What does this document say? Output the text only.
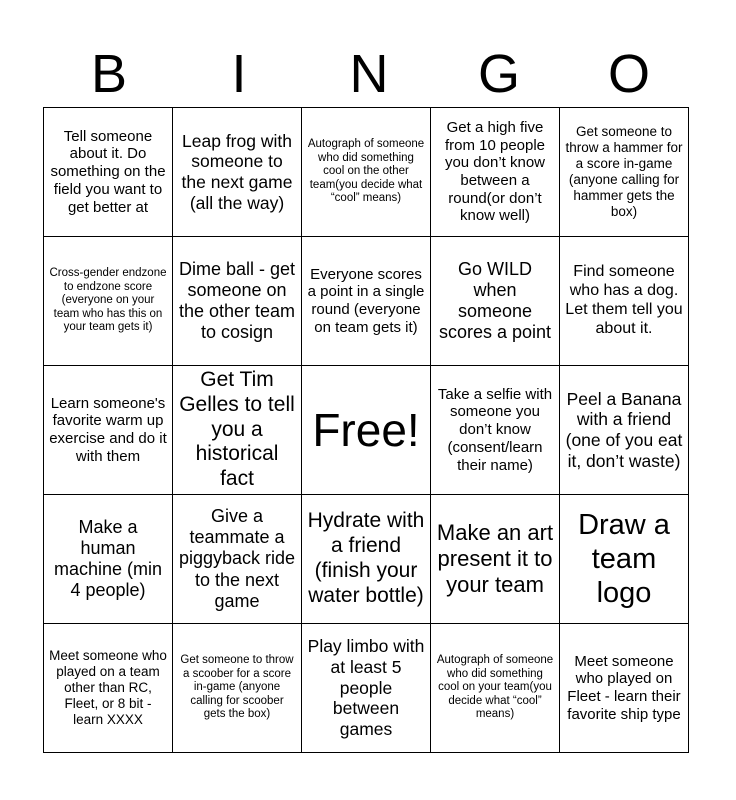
B	I	N	G	O
Tell someone about it. Do something on the field you want to get better at	Leap frog with someone to the next game (all the way)	Autograph of someone who did something cool on the other team(you decide what “cool” means)	Get a high five from 10 people you don’t know between a round(or don’t know well)	Get someone to throw a hammer for a score in-game (anyone calling for hammer gets the box)
Cross-gender endzone to endzone score (everyone on your team who has this on your team gets it)	Dime ball - get someone on the other team to cosign	Everyone scores a point in a single round (everyone on team gets it)	Go WILD when someone scores a point	Find someone who has a dog. Let them tell you about it.
Learn someone's favorite warm up exercise and do it with them	Get Tim Gelles to tell you a historical fact	Free!	Take a selfie with someone you don’t know (consent/learn their name)	Peel a Banana with a friend (one of you eat it, don’t waste)
Make a human machine (min 4 people)	Give a teammate a piggyback ride to the next game	Hydrate with a friend (finish your water bottle)	Make an art present it to your team	Draw a team logo
Meet someone who played on a team other than RC, Fleet, or 8 bit - learn XXXX	Get someone to throw a scoober for a score in-game (anyone calling for scoober gets the box)	Play limbo with at least 5 people between games	Autograph of someone who did something cool on your team(you decide what “cool” means)	Meet someone who played on Fleet - learn their favorite ship type
